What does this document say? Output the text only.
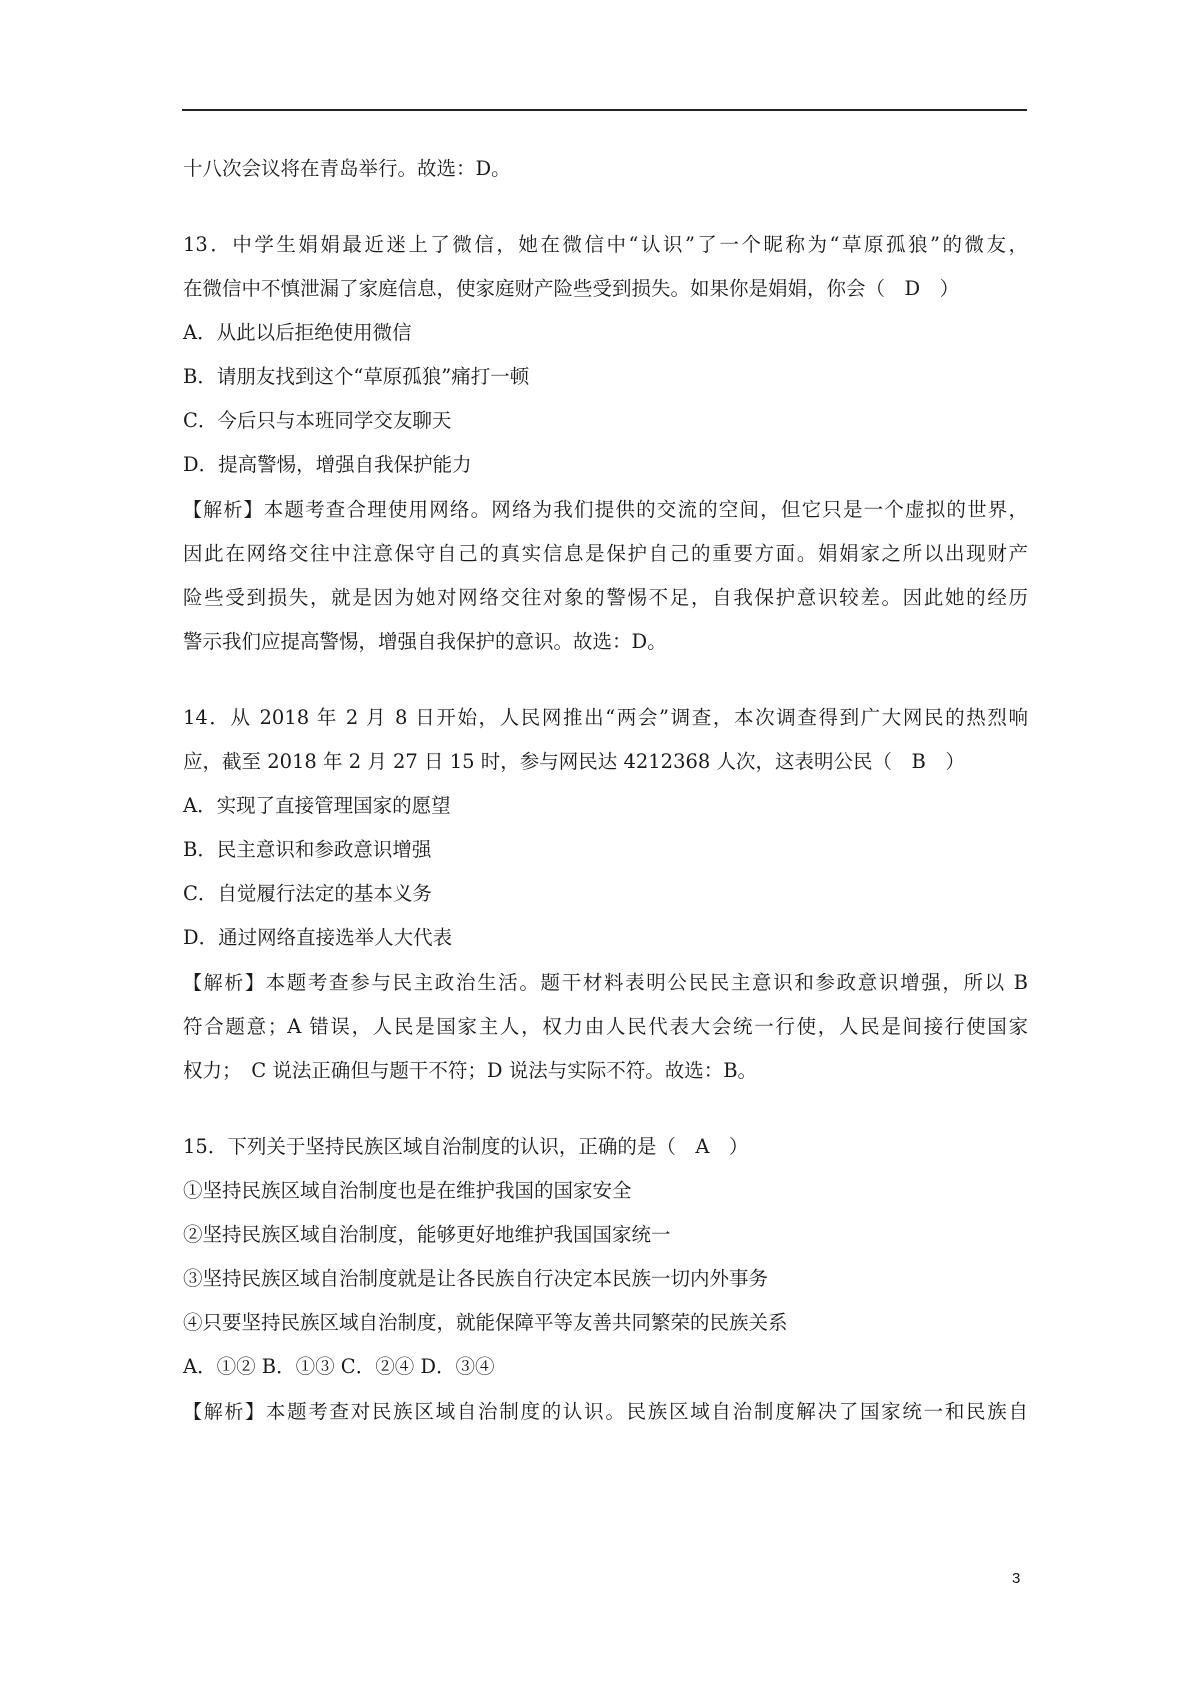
十八次会议将在青岛举行。故选：D。
13．中学生娟娟最近迷上了微信，她在微信中“认识”了一个昵称为“草原孤狼”的微友，
在微信中不慎泄漏了家庭信息，使家庭财产险些受到损失。如果你是娟娟，你会（　D　）
A．从此以后拒绝使用微信
B．请朋友找到这个“草原孤狼”痛打一顿
C．今后只与本班同学交友聊天
D．提高警惕，增强自我保护能力
【解析】本题考查合理使用网络。网络为我们提供的交流的空间，但它只是一个虚拟的世界，
因此在网络交往中注意保守自己的真实信息是保护自己的重要方面。娟娟家之所以出现财产
险些受到损失，就是因为她对网络交往对象的警惕不足，自我保护意识较差。因此她的经历
警示我们应提高警惕，增强自我保护的意识。故选：D。
14．从 2018 年 2 月 8 日开始，人民网推出“两会”调查，本次调查得到广大网民的热烈响
应，截至 2018 年 2 月 27 日 15 时，参与网民达 4212368 人次，这表明公民（　B　）
A．实现了直接管理国家的愿望
B．民主意识和参政意识增强
C．自觉履行法定的基本义务
D．通过网络直接选举人大代表
【解析】本题考查参与民主政治生活。题干材料表明公民民主意识和参政意识增强，所以 B
符合题意；A 错误，人民是国家主人，权力由人民代表大会统一行使，人民是间接行使国家
权力；　C 说法正确但与题干不符；D 说法与实际不符。故选：B。
15．下列关于坚持民族区域自治制度的认识，正确的是（　A　）
①坚持民族区域自治制度也是在维护我国的国家安全
②坚持民族区域自治制度，能够更好地维护我国国家统一
③坚持民族区域自治制度就是让各民族自行决定本民族一切内外事务
④只要坚持民族区域自治制度，就能保障平等友善共同繁荣的民族关系
A．①② B．①③ C．②④ D．③④
【解析】本题考查对民族区域自治制度的认识。民族区域自治制度解决了国家统一和民族自
3
